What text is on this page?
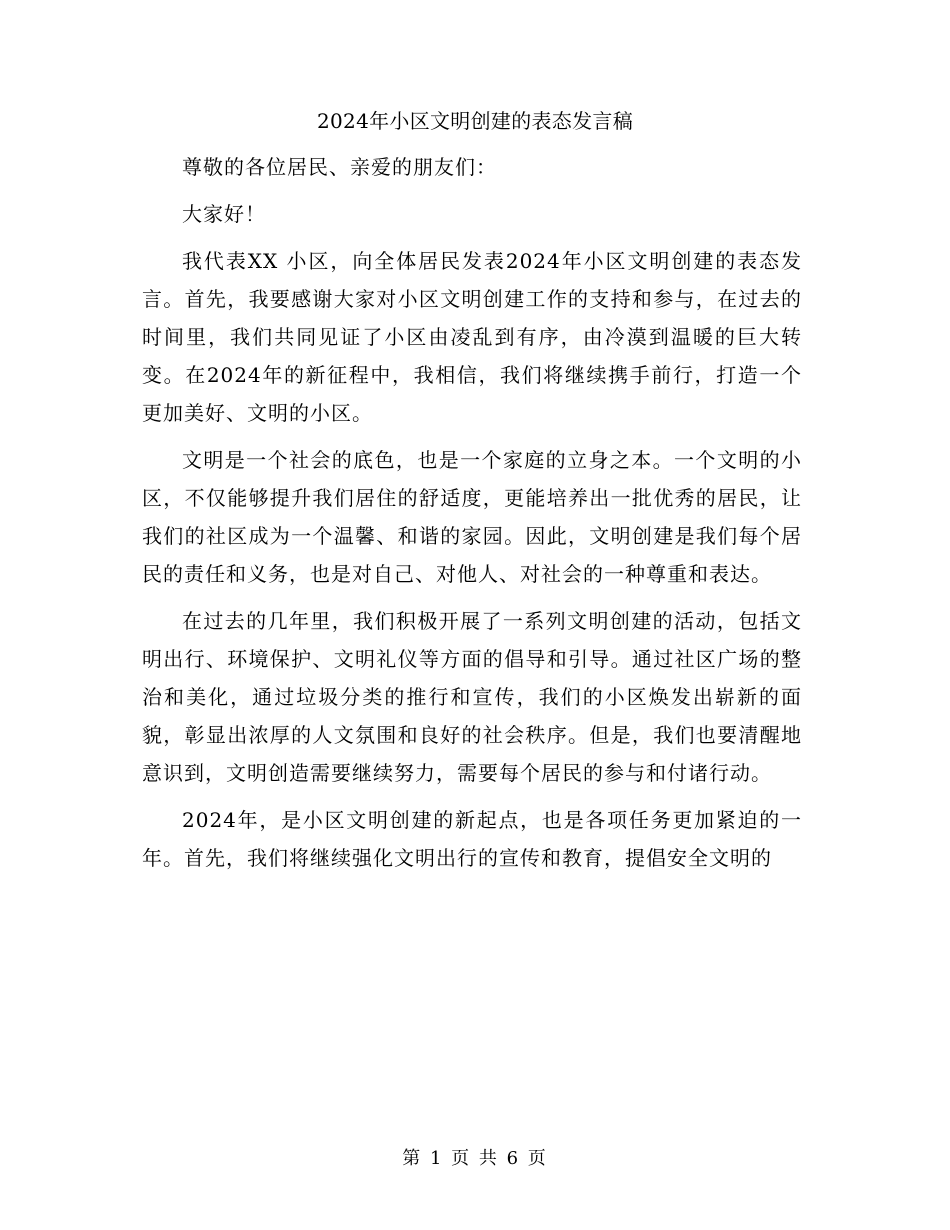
2024年小区文明创建的表态发言稿

尊敬的各位居民、亲爱的朋友们：

大家好！

我代表XX 小区，向全体居民发表2024年小区文明创建的表态发言。首先，我要感谢大家对小区文明创建工作的支持和参与，在过去的时间里，我们共同见证了小区由凌乱到有序，由冷漠到温暖的巨大转变。在2024年的新征程中，我相信，我们将继续携手前行，打造一个更加美好、文明的小区。

文明是一个社会的底色，也是一个家庭的立身之本。一个文明的小区，不仅能够提升我们居住的舒适度，更能培养出一批优秀的居民，让我们的社区成为一个温馨、和谐的家园。因此，文明创建是我们每个居民的责任和义务，也是对自己、对他人、对社会的一种尊重和表达。

在过去的几年里，我们积极开展了一系列文明创建的活动，包括文明出行、环境保护、文明礼仪等方面的倡导和引导。通过社区广场的整治和美化，通过垃圾分类的推行和宣传，我们的小区焕发出崭新的面貌，彰显出浓厚的人文氛围和良好的社会秩序。但是，我们也要清醒地意识到，文明创造需要继续努力，需要每个居民的参与和付诸行动。

2024年，是小区文明创建的新起点，也是各项任务更加紧迫的一年。首先，我们将继续强化文明出行的宣传和教育，提倡安全文明的

第 1 页 共 6 页
